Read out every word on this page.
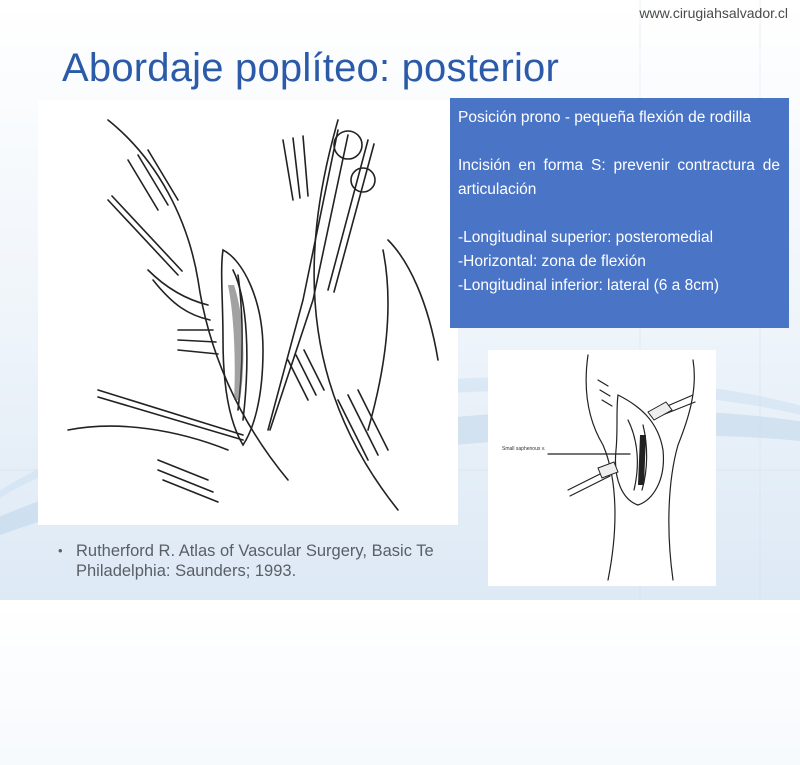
www.cirugiahsalvador.cl
Abordaje poplíteo: posterior

Posición prono - pequeña flexión de rodilla

Incisión en forma S: prevenir contractura de articulación

-Longitudinal superior: posteromedial

-Horizontal: zona de flexión

-Longitudinal inferior: lateral (6 a 8cm)

Small saphenous v.
• Rutherford R. Atlas of Vascular Surgery, Basic Te
Philadelphia: Saunders; 1993.
